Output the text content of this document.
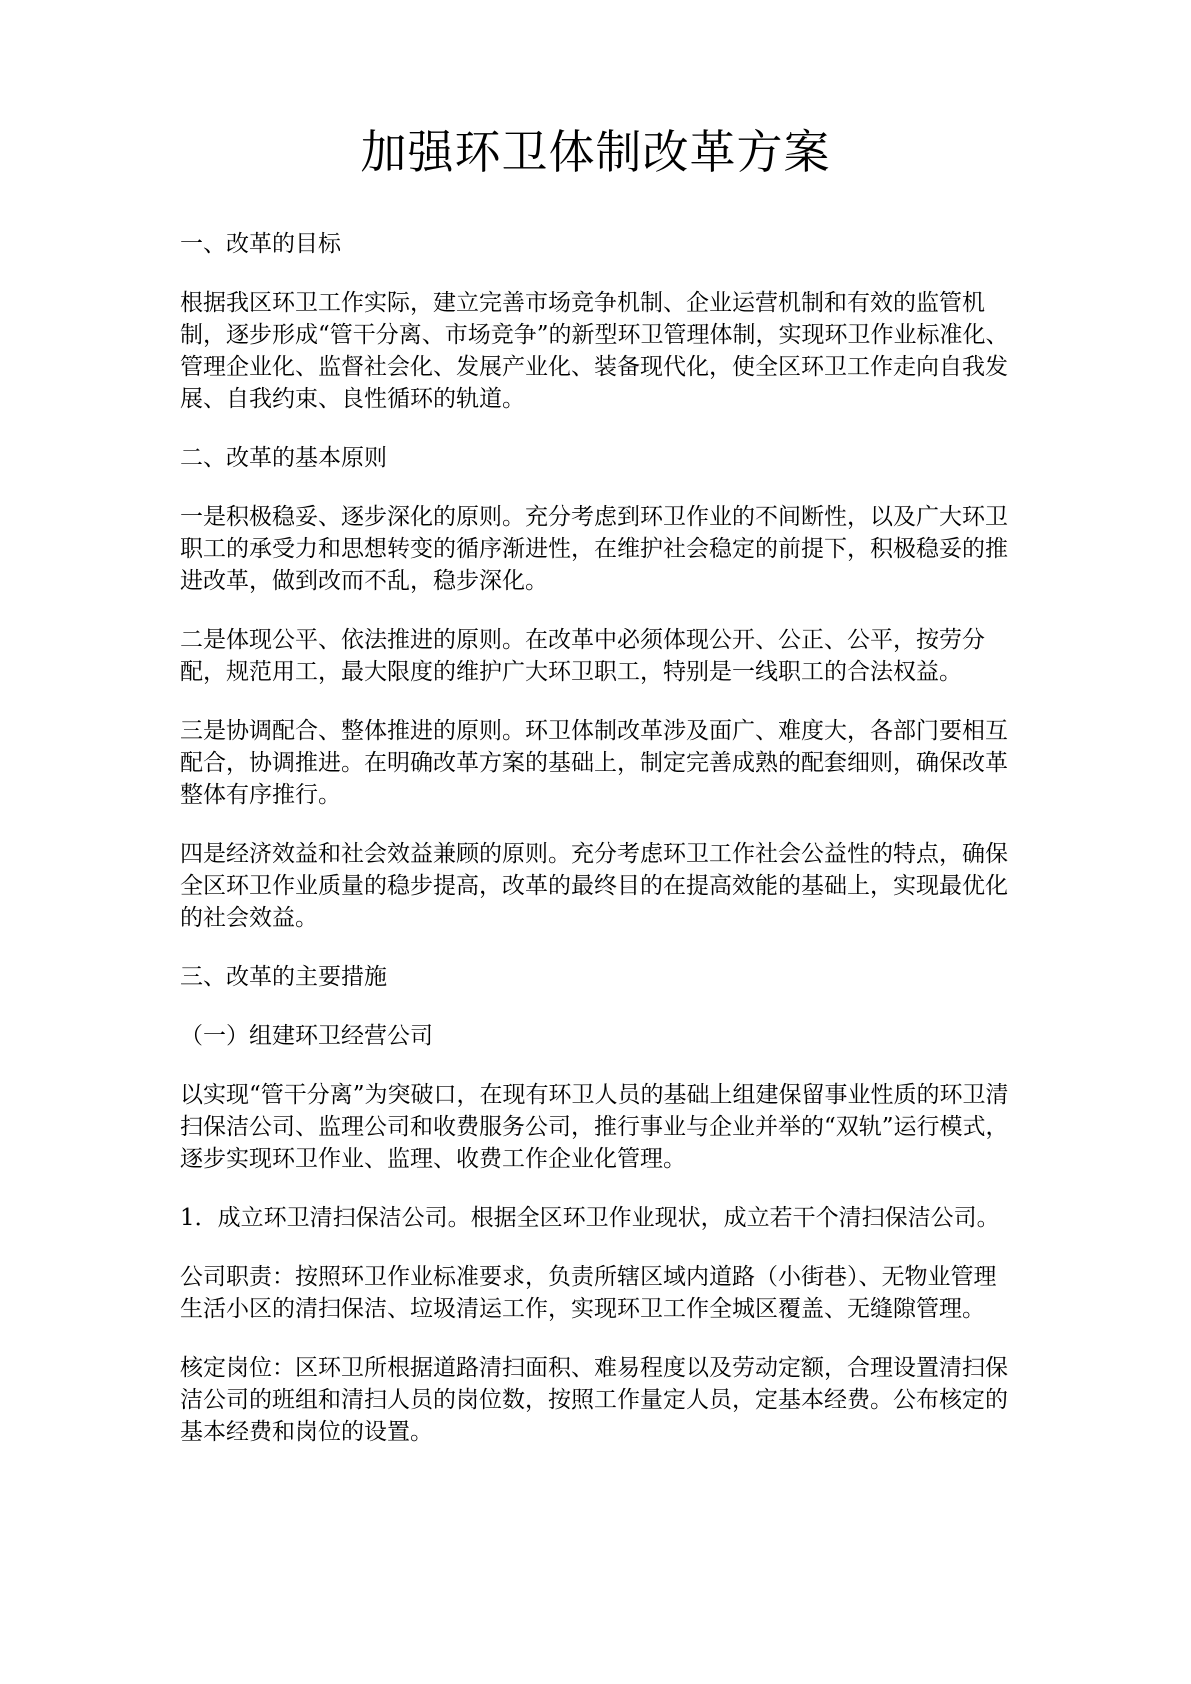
加强环卫体制改革方案
一、改革的目标

根据我区环卫工作实际，建立完善市场竞争机制、企业运营机制和有效的监管机制，逐步形成“管干分离、市场竞争”的新型环卫管理体制，实现环卫作业标准化、管理企业化、监督社会化、发展产业化、装备现代化，使全区环卫工作走向自我发展、自我约束、良性循环的轨道。

二、改革的基本原则

一是积极稳妥、逐步深化的原则。充分考虑到环卫作业的不间断性，以及广大环卫职工的承受力和思想转变的循序渐进性，在维护社会稳定的前提下，积极稳妥的推进改革，做到改而不乱，稳步深化。

二是体现公平、依法推进的原则。在改革中必须体现公开、公正、公平，按劳分配，规范用工，最大限度的维护广大环卫职工，特别是一线职工的合法权益。

三是协调配合、整体推进的原则。环卫体制改革涉及面广、难度大，各部门要相互配合，协调推进。在明确改革方案的基础上，制定完善成熟的配套细则，确保改革整体有序推行。

四是经济效益和社会效益兼顾的原则。充分考虑环卫工作社会公益性的特点，确保全区环卫作业质量的稳步提高，改革的最终目的在提高效能的基础上，实现最优化的社会效益。

三、改革的主要措施
（一）组建环卫经营公司

以实现“管干分离”为突破口，在现有环卫人员的基础上组建保留事业性质的环卫清扫保洁公司、监理公司和收费服务公司，推行事业与企业并举的“双轨”运行模式，逐步实现环卫作业、监理、收费工作企业化管理。

1．成立环卫清扫保洁公司。根据全区环卫作业现状，成立若干个清扫保洁公司。

公司职责：按照环卫作业标准要求，负责所辖区域内道路（小街巷）、无物业管理生活小区的清扫保洁、垃圾清运工作，实现环卫工作全城区覆盖、无缝隙管理。

核定岗位：区环卫所根据道路清扫面积、难易程度以及劳动定额，合理设置清扫保洁公司的班组和清扫人员的岗位数，按照工作量定人员，定基本经费。公布核定的基本经费和岗位的设置。
